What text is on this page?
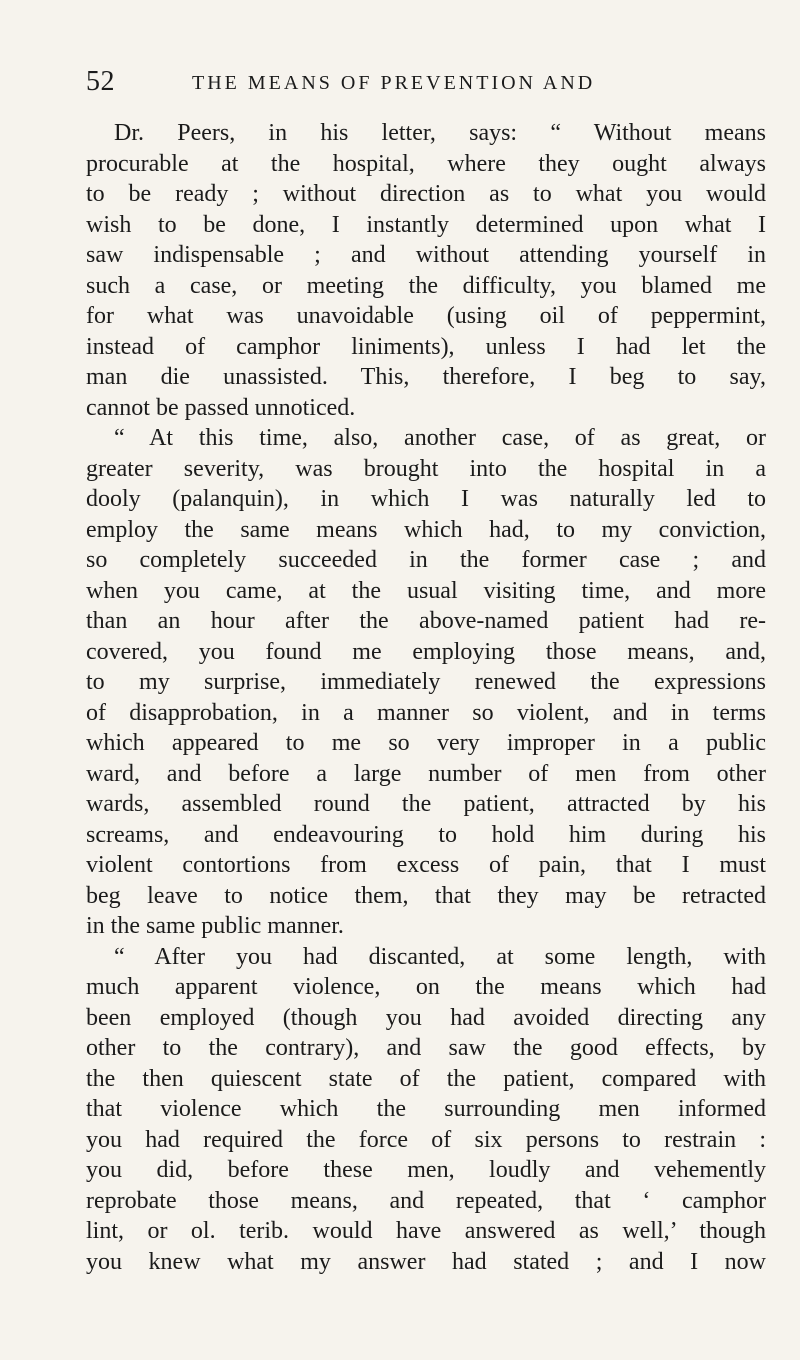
52	THE MEANS OF PREVENTION AND
Dr. Peers, in his letter, says: “ Without means
procurable at the hospital, where they ought always
to be ready ; without direction as to what you would
wish to be done, I instantly determined upon what I
saw indispensable ; and without attending yourself in
such a case, or meeting the difficulty, you blamed me
for what was unavoidable (using oil of peppermint,
instead of camphor liniments), unless I had let the
man die unassisted. This, therefore, I beg to say,
cannot be passed unnoticed.
“ At this time, also, another case, of as great, or
greater severity, was brought into the hospital in a
dooly (palanquin), in which I was naturally led to
employ the same means which had, to my conviction,
so completely succeeded in the former case ; and
when you came, at the usual visiting time, and more
than an hour after the above-named patient had re-
covered, you found me employing those means, and,
to my surprise, immediately renewed the expressions
of disapprobation, in a manner so violent, and in terms
which appeared to me so very improper in a public
ward, and before a large number of men from other
wards, assembled round the patient, attracted by his
screams, and endeavouring to hold him during his
violent contortions from excess of pain, that I must
beg leave to notice them, that they may be retracted
in the same public manner.
“ After you had discanted, at some length, with
much apparent violence, on the means which had
been employed (though you had avoided directing any
other to the contrary), and saw the good effects, by
the then quiescent state of the patient, compared with
that violence which the surrounding men informed
you had required the force of six persons to restrain :
you did, before these men, loudly and vehemently
reprobate those means, and repeated, that ‘ camphor
lint, or ol. terib. would have answered as well,’ though
you knew what my answer had stated ; and I now
